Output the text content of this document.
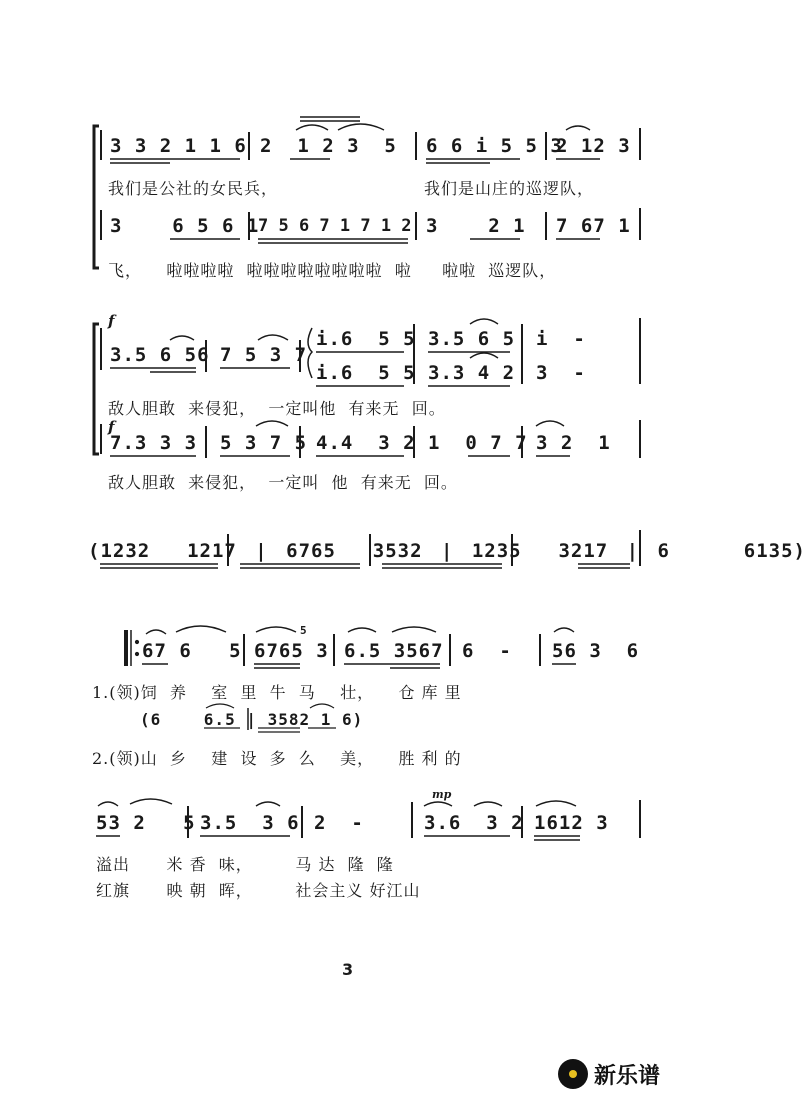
3 3 2 1 1 6 2  1 2 3  5 6 6 i 5 5 3
2 12 3
我们是公社的女民兵，	我们是山庄的巡逻队，
3    6 5 6 1
7 5 6 7 1 7 1 2 3    2 1 7 67 1
飞，    啦啦啦啦  啦啦啦啦啦啦啦啦  啦     啦啦  巡逻队，
f
3.5 6 56 7 5 3 7
i.6  5 5 3.5 6 5 i  -
i.6  5 5 3.3 4 2 3  -
敌人胆敢  来侵犯，  一定叫他  有来无  回。
f
7.3 3 3 5 3 7 5 4.4  3 2 1  0 7 7 3 2  1
敌人胆敢  来侵犯，  一定叫  他  有来无  回。
(1232  1217 | 6765  3532 | 1235  3217 | 6    6135)
67 6   5 6765 3
5
6.5 3567 6  - 56 3  6
1.(领)饲  养    室  里  牛  马    壮，    仓 库 里
(6    6.5 | 3582 1 6)
2.(领)山  乡    建  设  多  么    美，    胜 利 的
mp
53 2   5 3.5  3 6 2  -	3.6  3 2 1612 3
溢出      米 香  味，       马 达  隆  隆
红旗      映 朝  晖，       社会主义 好江山
3
新乐谱
